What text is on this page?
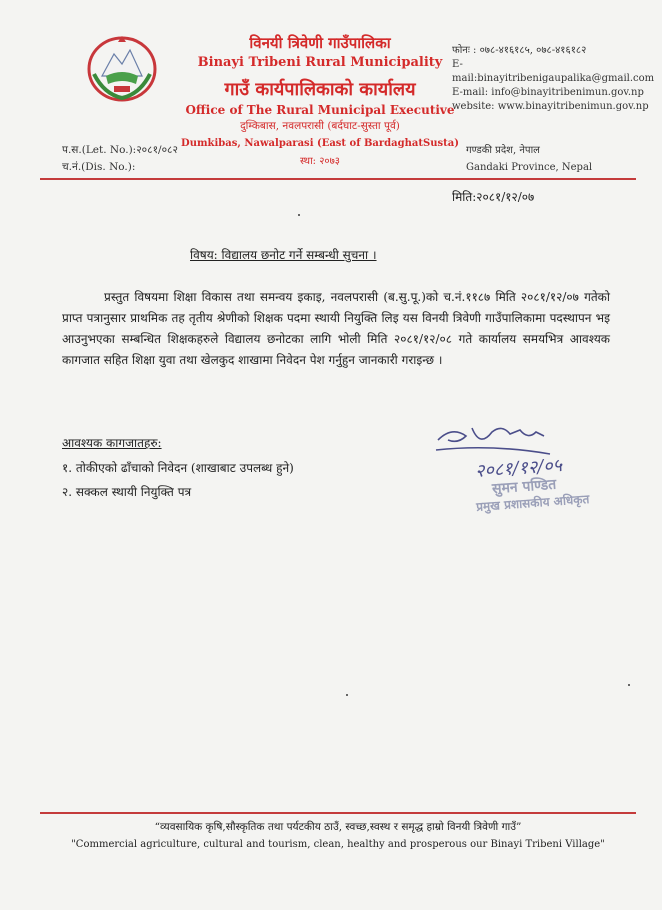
विनयी त्रिवेणी गाउँपालिका
Binayi Tribeni Rural Municipality
गाउँ कार्यपालिकाको कार्यालय
Office of The Rural Municipal Executive
दुम्किबास, नवलपरासी (बर्दघाट-सुस्ता पूर्व)
Dumkibas, Nawalparasi (East of BardaghatSusta)
स्था: २०७३
फोनः : ०७८-४१६१८५, ०७८-४१६१८२
E-mail:binayitribenigaupalika@gmail.com
E-mail: info@binayitribenimun.gov.np
website: www.binayitribenimun.gov.np
प.स.(Let. No.):२०८१/०८२
च.नं.(Dis. No.):
गण्डकी प्रदेश, नेपाल
Gandaki Province, Nepal
मिति:२०८१/१२/०७
विषय: विद्यालय छनोट गर्ने सम्बन्धी सुचना ।
प्रस्तुत विषयमा शिक्षा विकास तथा समन्वय इकाइ, नवलपरासी (ब.सु.पू.)को च.नं.११८७ मिति २०८१/१२/०७ गतेको प्राप्त पत्रानुसार प्राथमिक तह तृतीय श्रेणीको शिक्षक पदमा स्थायी नियुक्ति लिइ यस विनयी त्रिवेणी गाउँपालिकामा पदस्थापन भइ आउनुभएका सम्बन्धित शिक्षकहरुले विद्यालय छनोटका लागि भोली मिति २०८१/१२/०८ गते कार्यालय समयभित्र आवश्यक कागजात सहित शिक्षा युवा तथा खेलकुद शाखामा निवेदन पेश गर्नुहुन जानकारी गराइन्छ ।
आवश्यक कागजातहरु:
१. तोकीएको ढाँचाको निवेदन (शाखाबाट उपलब्ध हुने)
२. सक्कल स्थायी नियुक्ति पत्र
२०८१/१२/०५
सुमन पण्डित
प्रमुख प्रशासकीय अधिकृत
“व्यवसायिक कृषि,सौस्कृतिक तथा पर्यटकीय ठाउँ, स्वच्छ,स्वस्थ र समृद्ध हाम्रो विनयी त्रिवेणी गाउँ”
"Commercial agriculture, cultural and tourism, clean, healthy and prosperous our Binayi Tribeni Village"
